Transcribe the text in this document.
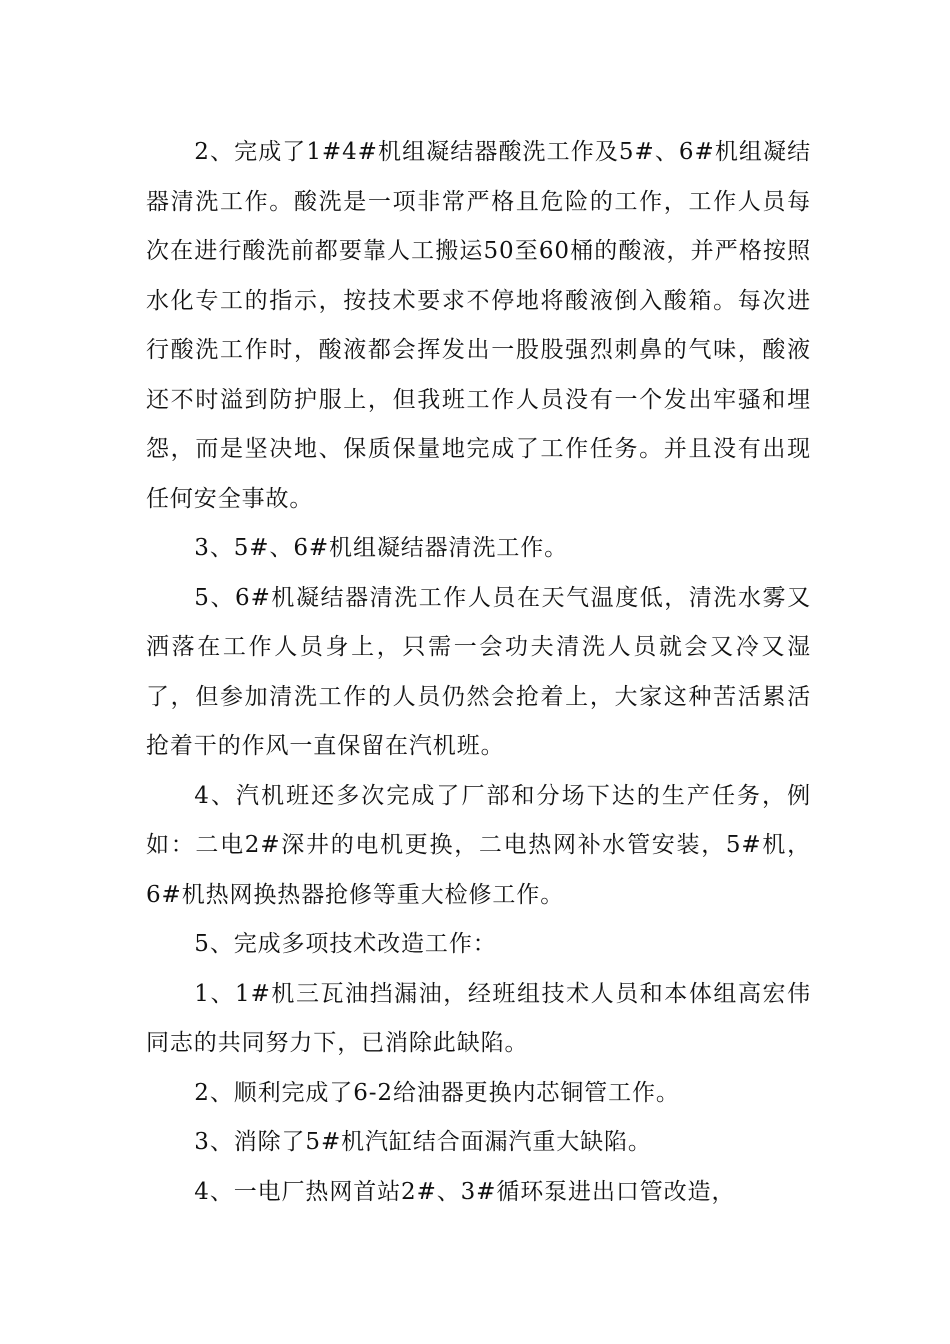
2、完成了1#4#机组凝结器酸洗工作及5#、6#机组凝结器清洗工作。酸洗是一项非常严格且危险的工作，工作人员每次在进行酸洗前都要靠人工搬运50至60桶的酸液，并严格按照水化专工的指示，按技术要求不停地将酸液倒入酸箱。每次进行酸洗工作时，酸液都会挥发出一股股强烈刺鼻的气味，酸液还不时溢到防护服上，但我班工作人员没有一个发出牢骚和埋怨，而是坚决地、保质保量地完成了工作任务。并且没有出现任何安全事故。

3、5#、6#机组凝结器清洗工作。

5、6#机凝结器清洗工作人员在天气温度低，清洗水雾又洒落在工作人员身上，只需一会功夫清洗人员就会又冷又湿了，但参加清洗工作的人员仍然会抢着上，大家这种苦活累活抢着干的作风一直保留在汽机班。

4、汽机班还多次完成了厂部和分场下达的生产任务，例如：二电2#深井的电机更换，二电热网补水管安装，5#机，6#机热网换热器抢修等重大检修工作。

5、完成多项技术改造工作：

1、1#机三瓦油挡漏油，经班组技术人员和本体组高宏伟同志的共同努力下，已消除此缺陷。

2、顺利完成了6-2给油器更换内芯铜管工作。

3、消除了5#机汽缸结合面漏汽重大缺陷。

4、一电厂热网首站2#、3#循环泵进出口管改造，
